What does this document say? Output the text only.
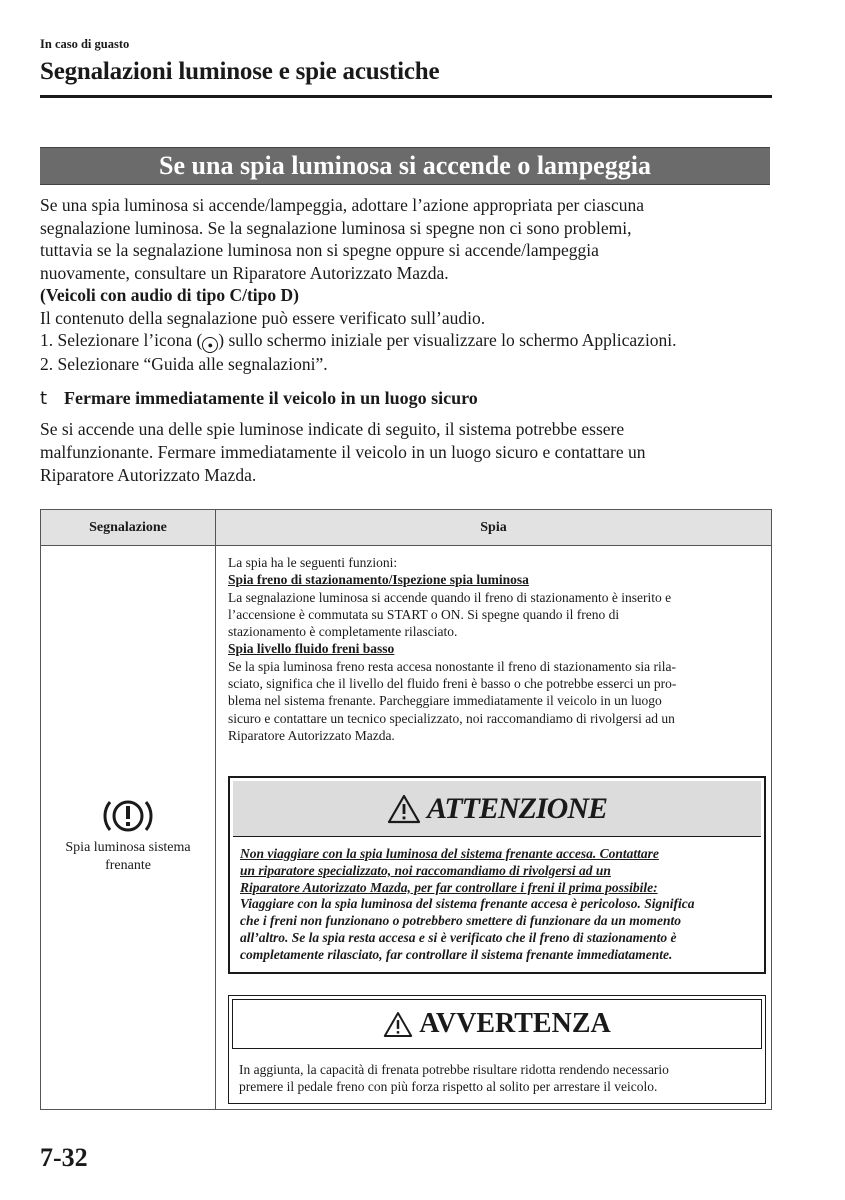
In caso di guasto
Segnalazioni luminose e spie acustiche
Se una spia luminosa si accende o lampeggia

Se una spia luminosa si accende/lampeggia, adottare l’azione appropriata per ciascuna

segnalazione luminosa. Se la segnalazione luminosa si spegne non ci sono problemi,

tuttavia se la segnalazione luminosa non si spegne oppure si accende/lampeggia

nuovamente, consultare un Riparatore Autorizzato Mazda.

(Veicoli con audio di tipo C/tipo D)

Il contenuto della segnalazione può essere verificato sull’audio.

1. Selezionare l’icona ( ● ) sullo schermo iniziale per visualizzare lo schermo Applicazioni.

2. Selezionare “Guida alle segnalazioni”.

t Fermare immediatamente il veicolo in un luogo sicuro

Se si accende una delle spie luminose indicate di seguito, il sistema potrebbe essere

malfunzionante. Fermare immediatamente il veicolo in un luogo sicuro e contattare un

Riparatore Autorizzato Mazda.

Segnalazione	Spia
Spia luminosa sistema
frenante

La spia ha le seguenti funzioni:

Spia freno di stazionamento/Ispezione spia luminosa

La segnalazione luminosa si accende quando il freno di stazionamento è inserito e

l’accensione è commutata su START o ON. Si spegne quando il freno di

stazionamento è completamente rilasciato.

Spia livello fluido freni basso

Se la spia luminosa freno resta accesa nonostante il freno di stazionamento sia rila-

sciato, significa che il livello del fluido freni è basso o che potrebbe esserci un pro-

blema nel sistema frenante. Parcheggiare immediatamente il veicolo in un luogo

sicuro e contattare un tecnico specializzato, noi raccomandiamo di rivolgersi ad un

Riparatore Autorizzato Mazda.

ATTENZIONE
Non viaggiare con la spia luminosa del sistema frenante accesa. Contattare
un riparatore specializzato, noi raccomandiamo di rivolgersi ad un
Riparatore Autorizzato Mazda, per far controllare i freni il prima possibile:
Viaggiare con la spia luminosa del sistema frenante accesa è pericoloso. Significa
che i freni non funzionano o potrebbero smettere di funzionare da un momento
all’altro. Se la spia resta accesa e si è verificato che il freno di stazionamento è
completamente rilasciato, far controllare il sistema frenante immediatamente.
AVVERTENZA
In aggiunta, la capacità di frenata potrebbe risultare ridotta rendendo necessario
premere il pedale freno con più forza rispetto al solito per arrestare il veicolo.
7-32
